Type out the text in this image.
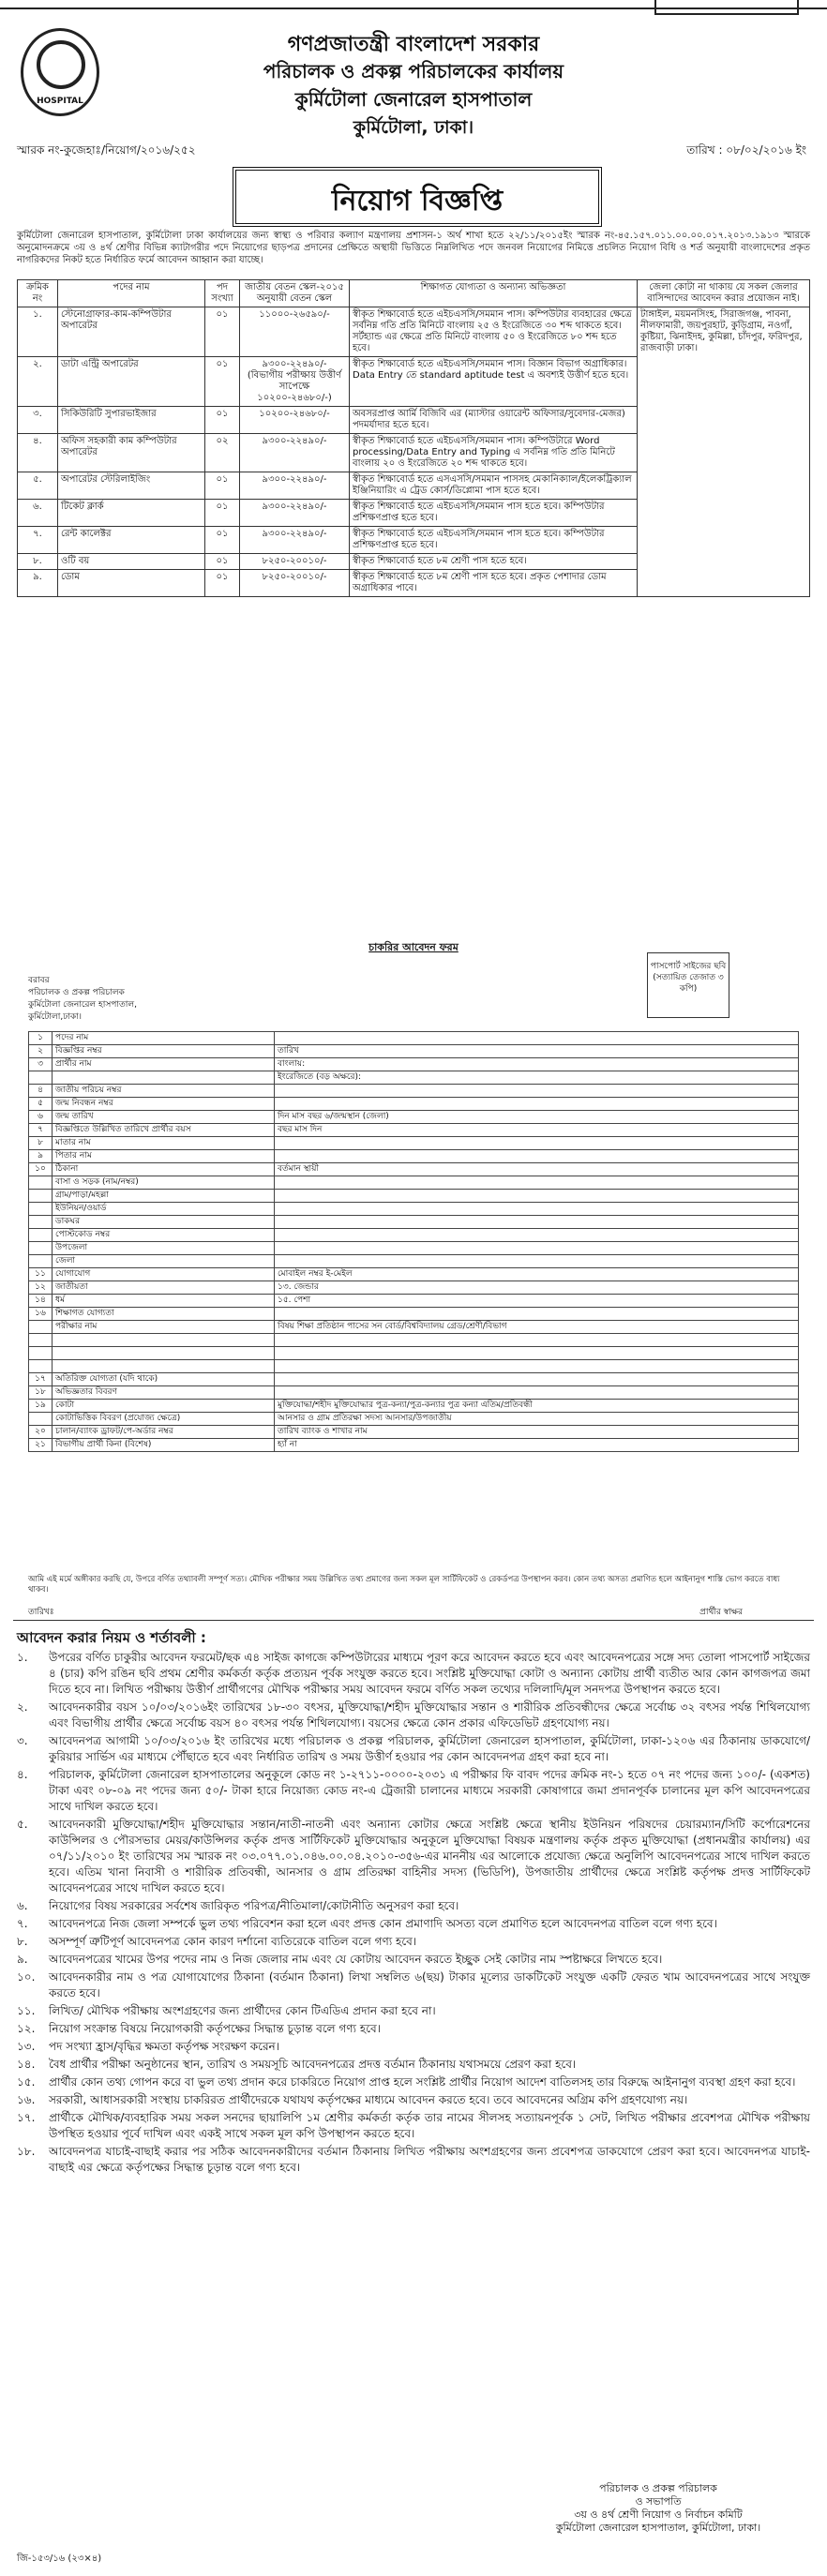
HOSPITAL
গণপ্রজাতন্ত্রী বাংলাদেশ সরকার
পরিচালক ও প্রকল্প পরিচালকের কার্যালয়
কুর্মিটোলা জেনারেল হাসপাতাল
কুর্মিটোলা, ঢাকা।
স্মারক নং-কুজেহাঃ/নিয়োগ/২০১৬/২৫২	তারিখ : ০৮/০২/২০১৬ ইং
নিয়োগ বিজ্ঞপ্তি
কুর্মিটোলা জেনারেল হাসপাতাল, কুর্মিটোলা ঢাকা কার্যালয়ের জন্য স্বাস্থ্য ও পরিবার কল্যাণ মন্ত্রণালয় প্রশাসন-১ অর্থ শাখা হতে ২২/১১/২০১৫ইং স্মারক নং-৪৫.১৫৭.০১১.০০.০০.০১৭.২০১৩.১৯১৩ স্মারকে অনুমোদনক্রমে ৩য় ও ৪র্থ শ্রেণীর বিভিন্ন ক্যাটাগরীর পদে নিয়োগের ছাড়পত্র প্রদানের প্রেক্ষিতে অস্থায়ী ভিত্তিতে নিম্নলিখিত পদে জনবল নিয়োগের নিমিত্তে প্রচলিত নিয়োগ বিধি ও শর্ত অনুযায়ী বাংলাদেশের প্রকৃত নাগরিকদের নিকট হতে নির্ধারিত ফর্মে আবেদন আহ্বান করা যাচ্ছে।
ক্রমিক নং	পদের নাম	পদ সংখ্যা	জাতীয় বেতন স্কেল-২০১৫ অনুযায়ী বেতন স্কেল	শিক্ষাগত যোগ্যতা ও অন্যান্য অভিজ্ঞতা	জেলা কোটা না থাকায় যে সকল জেলার বাসিন্দাদের আবেদন করার প্রয়োজন নাই।
১.	স্টেনোগ্রাফার-কাম-কম্পিউটার অপারেটর	০১	১১০০০-২৬৫৯০/-	স্বীকৃত শিক্ষাবোর্ড হতে এইচএসসি/সমমান পাস। কম্পিউটার ব্যবহারের ক্ষেত্রে সর্বনিম্ন গতি প্রতি মিনিটে বাংলায় ২৫ ও ইংরেজিতে ৩০ শব্দ থাকতে হবে। সর্টহ্যান্ড এর ক্ষেত্রে প্রতি মিনিটে বাংলায় ৫০ ও ইংরেজিতে ৮০ শব্দ হতে হবে।	টাঙ্গাইল, ময়মনসিংহ, সিরাজগঞ্জ, পাবনা, নীলফামারী, জয়পুরহাট, কুড়িগ্রাম, নওগাঁ, কুষ্টিয়া, ঝিনাইদহ, কুমিল্লা, চাঁদপুর, ফরিদপুর, রাজবাড়ী ঢাকা।
২.	ডাটা এন্ট্রি অপারেটর	০১	৯৩০০-২২৪৯০/- (বিভাগীয় পরীক্ষায় উত্তীর্ণ সাপেক্ষে ১০২০০-২৪৬৮০/-)	স্বীকৃত শিক্ষাবোর্ড হতে এইচএসসি/সমমান পাস। বিজ্ঞান বিভাগ অগ্রাধিকার। Data Entry তে standard aptitude test এ অবশ্যই উত্তীর্ণ হতে হবে।	
৩.	সিকিউরিটি সুপারভাইজার	০১	১০২০০-২৪৬৮০/-	অবসরপ্রাপ্ত আর্মি বিজিবি এর (ম্যাস্টার ওয়ারেন্ট অফিসার/সুবেদার-মেজর) পদমর্যাদার হতে হবে।	
৪.	অফিস সহকারী কাম কম্পিউটার অপারেটর	০২	৯৩০০-২২৪৯০/-	স্বীকৃত শিক্ষাবোর্ড হতে এইচএসসি/সমমান পাস। কম্পিউটারে Word processing/Data Entry and Typing এ সর্বনিম্ন গতি প্রতি মিনিটে বাংলায় ২০ ও ইংরেজিতে ২০ শব্দ থাকতে হবে।	
৫.	অপারেটর স্টেরিলাইজিং	০১	৯৩০০-২২৪৯০/-	স্বীকৃত শিক্ষাবোর্ড হতে এসএসসি/সমমান পাসসহ মেকানিক্যাল/ইলেকট্রিক্যাল ইঞ্জিনিয়ারিং এ ট্রেড কোর্স/ডিপ্লোমা পাস হতে হবে।	
৬.	টিকেট ক্লার্ক	০১	৯৩০০-২২৪৯০/-	স্বীকৃত শিক্ষাবোর্ড হতে এইচএসসি/সমমান পাস হতে হবে। কম্পিউটার প্রশিক্ষণপ্রাপ্ত হতে হবে।	
৭.	রেন্ট কালেক্টর	০১	৯৩০০-২২৪৯০/-	স্বীকৃত শিক্ষাবোর্ড হতে এইচএসসি/সমমান পাস হতে হবে। কম্পিউটার প্রশিক্ষণপ্রাপ্ত হতে হবে।	
৮.	ওটি বয়	০১	৮২৫০-২০০১০/-	স্বীকৃত শিক্ষাবোর্ড হতে ৮ম শ্রেণী পাস হতে হবে।	
৯.	ডোম	০১	৮২৫০-২০০১০/-	স্বীকৃত শিক্ষাবোর্ড হতে ৮ম শ্রেণী পাস হতে হবে। প্রকৃত পেশাদার ডোম অগ্রাধিকার পাবে।	
চাকরির আবেদন ফরম
পাসপোর্ট সাইজের ছবি (সত্যায়িত তেজাত ৩ কপি)
বরাবর
পরিচালক ও প্রকল্প পরিচালক
কুর্মিটোলা জেনারেল হাসপাতাল,
কুর্মিটোলা,ঢাকা।
১	পদের নাম	
২	বিজ্ঞপ্তির নম্বর	তারিখ
৩	প্রার্থীর নাম	বাংলায়:
		ইংরেজিতে (বড় অক্ষরে):
৪	জাতীয় পরিচয় নম্বর	
৫	জন্ম নিবন্ধন নম্বর	
৬	জন্ম তারিখ	দিন মাস বছর ৬/জন্মস্থান (জেলা)
৭	বিজ্ঞপ্তিতে উল্লিখিত তারিখে প্রার্থীর বয়স	বছর মাস দিন
৮	মাতার নাম	
৯	পিতার নাম	
১০	ঠিকানা	বর্তমান স্থায়ী
	বাসা ও সড়ক (নাম/নম্বর)	
	গ্রাম/পাড়া/মহল্লা	
	ইউনিয়ন/ওয়ার্ড	
	ডাকঘর	
	পোস্টকোড নম্বর	
	উপজেলা	
	জেলা	
১১	যোগাযোগ	মোবাইল নম্বর ই-মেইল
১২	জাতীয়তা	১৩. জেন্ডার
১৪	ধর্ম	১৫. পেশা
১৬	শিক্ষাগত যোগ্যতা	
	পরীক্ষার নাম	বিষয় শিক্ষা প্রতিষ্ঠান পাসের সন বোর্ড/বিশ্ববিদ্যালয় গ্রেড/শ্রেণী/বিভাগ

১৭	অতিরিক্ত যোগ্যতা (যদি থাকে)	
১৮	অভিজ্ঞতার বিবরণ	
১৯	কোটা	মুক্তিযোদ্ধা/শহীদ মুক্তিযোদ্ধার পুত্র-কন্যা/পুত্র-কন্যার পুত্র কন্যা এতিম/প্রতিবন্ধী
	কোটাভিত্তিক বিবরণ (প্রযোজ্য ক্ষেত্রে)	আনসার ও গ্রাম প্রতিরক্ষা সদস্য আনসার/উপজাতীয়
২০	চালান/ব্যাংক ড্রাফট/পে-অর্ডার নম্বর	তারিখ ব্যাংক ও শাখার নাম
২১	বিভাগীয় প্রার্থী কিনা (বিশেষ)	হ্যাঁ না
আমি এই মর্মে অঙ্গীকার করছি যে, উপরে বর্ণিত তথ্যাবলী সম্পূর্ণ সত্য। মৌখিক পরীক্ষার সময় উল্লিখিত তথ্য প্রমাণের জন্য সকল মূল সার্টিফিকেট ও রেকর্ডপত্র উপস্থাপন করব। কোন তথ্য অসত্য প্রমাণিত হলে আইনানুগ শাস্তি ভোগ করতে বাধ্য থাকব।
তারিখঃ	প্রার্থীর স্বাক্ষর
আবেদন করার নিয়ম ও শর্তাবলী :
১.	উপরের বর্ণিত চাকুরীর আবেদন ফরমেট/ছক এ৪ সাইজ কাগজে কম্পিউটারের মাধ্যমে পূরণ করে আবেদন করতে হবে এবং আবেদনপত্রের সঙ্গে সদ্য তোলা পাসপোর্ট সাইজের ৪ (চার) কপি রঙিন ছবি প্রথম শ্রেণীর কর্মকর্তা কর্তৃক প্রত্যয়ন পূর্বক সংযুক্ত করতে হবে। সংশ্লিষ্ট মুক্তিযোদ্ধা কোটা ও অন্যান্য কোটায় প্রার্থী ব্যতীত আর কোন কাগজপত্র জমা দিতে হবে না। লিখিত পরীক্ষায় উত্তীর্ণ প্রার্থীগণের মৌখিক পরীক্ষার সময় আবেদন ফরমে বর্ণিত সকল তথ্যের দলিলাদি/মূল সনদপত্র উপস্থাপন করতে হবে।
২.	আবেদনকারীর বয়স ১০/০৩/২০১৬ইং তারিখের ১৮-৩০ বৎসর, মুক্তিযোদ্ধা/শহীদ মুক্তিযোদ্ধার সন্তান ও শারীরিক প্রতিবন্ধীদের ক্ষেত্রে সর্বোচ্চ ৩২ বৎসর পর্যন্ত শিথিলযোগ্য এবং বিভাগীয় প্রার্থীর ক্ষেত্রে সর্বোচ্চ বয়স ৪০ বৎসর পর্যন্ত শিথিলযোগ্য। বয়সের ক্ষেত্রে কোন প্রকার এফিডেভিট গ্রহণযোগ্য নয়।
৩.	আবেদনপত্র আগামী ১০/০৩/২০১৬ ইং তারিখের মধ্যে পরিচালক ও প্রকল্প পরিচালক, কুর্মিটোলা জেনারেল হাসপাতাল, কুর্মিটোলা, ঢাকা-১২০৬ এর ঠিকানায় ডাকযোগে/কুরিয়ার সার্ভিস এর মাধ্যমে পৌঁছাতে হবে এবং নির্ধারিত তারিখ ও সময় উত্তীর্ণ হওয়ার পর কোন আবেদনপত্র গ্রহণ করা হবে না।
৪.	পরিচালক, কুর্মিটোলা জেনারেল হাসপাতালের অনুকূলে কোড নং ১-২৭১১-০০০০-২০৩১ এ পরীক্ষার ফি বাবদ পদের ক্রমিক নং-১ হতে ০৭ নং পদের জন্য ১০০/- (একশত) টাকা এবং ০৮-০৯ নং পদের জন্য ৫০/- টাকা হারে নিয়োজ্য কোড নং-এ ট্রেজারী চালানের মাধ্যমে সরকারী কোষাগারে জমা প্রদানপূর্বক চালানের মূল কপি আবেদনপত্রের সাথে দাখিল করতে হবে।
৫.	আবেদনকারী মুক্তিযোদ্ধা/শহীদ মুক্তিযোদ্ধার সন্তান/নাতী-নাতনী এবং অন্যান্য কোটার ক্ষেত্রে সংশ্লিষ্ট ক্ষেত্রে স্থানীয় ইউনিয়ন পরিষদের চেয়ারম্যান/সিটি কর্পোরেশনের কাউন্সিলর ও পৌরসভার মেয়র/কাউন্সিলর কর্তৃক প্রদত্ত সার্টিফিকেট মুক্তিযোদ্ধার অনুকূলে মুক্তিযোদ্ধা বিষয়ক মন্ত্রণালয় কর্তৃক প্রকৃত মুক্তিযোদ্ধা (প্রধানমন্ত্রীর কার্যালয়) এর ০৭/১১/২০১০ ইং তারিখের সম স্মারক নং ০৩.০৭৭.০১.০৪৬.০০.০৪.২০১০-৩৫৬-এর মাননীয় এর আলোকে প্রযোজ্য ক্ষেত্রে অনুলিপি আবেদনপত্রের সাথে দাখিল করতে হবে। এতিম খানা নিবাসী ও শারীরিক প্রতিবন্ধী, আনসার ও গ্রাম প্রতিরক্ষা বাহিনীর সদস্য (ভিডিপি), উপজাতীয় প্রার্থীদের ক্ষেত্রে সংশ্লিষ্ট কর্তৃপক্ষ প্রদত্ত সার্টিফিকেট আবেদনপত্রের সাথে দাখিল করতে হবে।
৬.	নিয়োগের বিষয় সরকারের সর্বশেষ জারিকৃত পরিপত্র/নীতিমালা/কোটানীতি অনুসরণ করা হবে।
৭.	আবেদনপত্রে নিজ জেলা সম্পর্কে ভুল তথ্য পরিবেশন করা হলে এবং প্রদত্ত কোন প্রমাণাদি অসত্য বলে প্রমাণিত হলে আবেদনপত্র বাতিল বলে গণ্য হবে।
৮.	অসম্পূর্ণ ত্রুটিপূর্ণ আবেদনপত্র কোন কারণ দর্শানো ব্যতিরেকে বাতিল বলে গণ্য হবে।
৯.	আবেদনপত্রের খামের উপর পদের নাম ও নিজ জেলার নাম এবং যে কোটায় আবেদন করতে ইচ্ছুক সেই কোটার নাম স্পষ্টাক্ষরে লিখতে হবে।
১০.	আবেদনকারীর নাম ও পত্র যোগাযোগের ঠিকানা (বর্তমান ঠিকানা) লিখা সম্বলিত ৬(ছয়) টাকার মূল্যের ডাকটিকেট সংযুক্ত একটি ফেরত খাম আবেদনপত্রের সাথে সংযুক্ত করতে হবে।
১১.	লিখিত/ মৌখিক পরীক্ষায় অংশগ্রহণের জন্য প্রার্থীদের কোন টিএডিএ প্রদান করা হবে না।
১২.	নিয়োগ সংক্রান্ত বিষয়ে নিয়োগকারী কর্তৃপক্ষের সিদ্ধান্ত চূড়ান্ত বলে গণ্য হবে।
১৩.	পদ সংখ্যা হ্রাস/বৃদ্ধির ক্ষমতা কর্তৃপক্ষ সংরক্ষণ করেন।
১৪.	বৈধ প্রার্থীর পরীক্ষা অনুষ্ঠানের স্থান, তারিখ ও সময়সূচি আবেদনপত্রের প্রদত্ত বর্তমান ঠিকানায় যথাসময়ে প্রেরণ করা হবে।
১৫.	প্রার্থীর কোন তথ্য গোপন করে বা ভুল তথ্য প্রদান করে চাকরিতে নিয়োগ প্রাপ্ত হলে সংশ্লিষ্ট প্রার্থীর নিয়োগ আদেশ বাতিলসহ তার বিরুদ্ধে আইনানুগ ব্যবস্থা গ্রহণ করা হবে।
১৬.	সরকারী, আধাসরকারী সংস্থায় চাকরিরত প্রার্থীদেরকে যথাযথ কর্তৃপক্ষের মাধ্যমে আবেদন করতে হবে। তবে আবেদনের অগ্রিম কপি গ্রহণযোগ্য নয়।
১৭.	প্রার্থীকে মৌখিক/ব্যবহারিক সময় সকল সনদের ছায়ালিপি ১ম শ্রেণীর কর্মকর্তা কর্তৃক তার নামের সীলসহ সত্যায়নপূর্বক ১ সেট, লিখিত পরীক্ষার প্রবেশপত্র মৌখিক পরীক্ষায় উপস্থিত হওয়ার পূর্বে দাখিল এবং একই সাথে সকল মূল কপি উপস্থাপন করতে হবে।
১৮.	আবেদনপত্র যাচাই-বাছাই করার পর সঠিক আবেদনকারীদের বর্তমান ঠিকানায় লিখিত পরীক্ষায় অংশগ্রহণের জন্য প্রবেশপত্র ডাকযোগে প্রেরণ করা হবে। আবেদনপত্র যাচাই-বাছাই এর ক্ষেত্রে কর্তৃপক্ষের সিদ্ধান্ত চূড়ান্ত বলে গণ্য হবে।
পরিচালক ও প্রকল্প পরিচালক
ও সভাপতি
৩য় ও ৪র্থ শ্রেণী নিয়োগ ও নির্বাচন কমিটি
কুর্মিটোলা জেনারেল হাসপাতাল, কুর্মিটোলা, ঢাকা।
জি-১৫৩/১৬ (২৩×৪)
